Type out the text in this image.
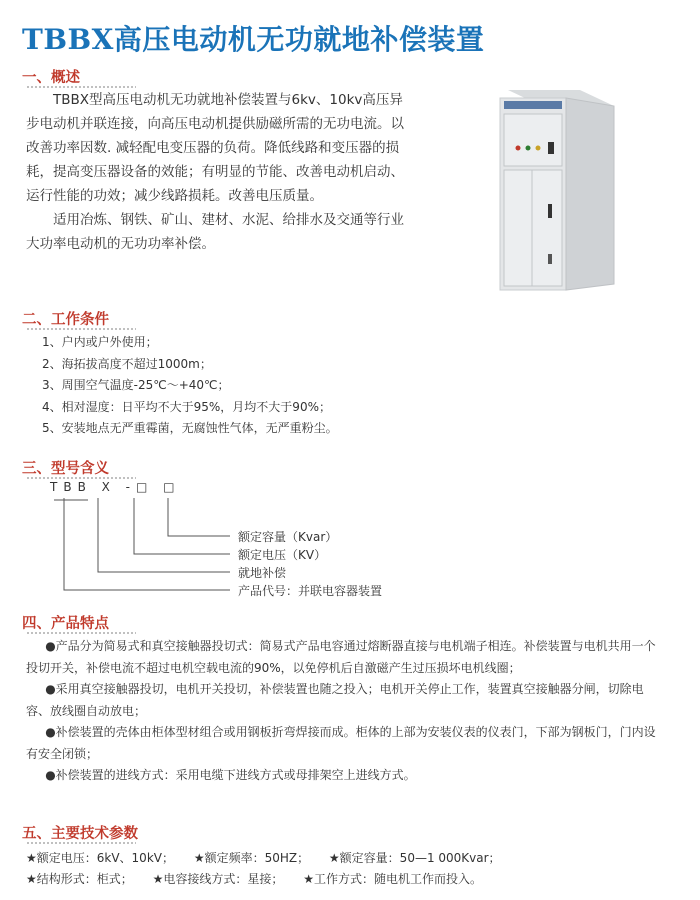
TBBX高压电动机无功就地补偿装置
一、概述

TBBX型高压电动机无功就地补偿装置与6kv、10kv高压异步电动机并联连接，向高压电动机提供励磁所需的无功电流。以改善功率因数. 减轻配电变压器的负荷。降低线路和变压器的损耗，提高变压器设备的效能；有明显的节能、改善电动机启动、运行性能的功效；减少线路损耗。改善电压质量。

适用冶炼、钢铁、矿山、建材、水泥、给排水及交通等行业大功率电动机的无功功率补偿。

二、工作条件
1、户内或户外使用；
2、海拓拔高度不超过1000m；
3、周围空气温度-25℃～+40℃；
4、相对湿度：日平均不大于95%，月均不大于90%；
5、安装地点无严重霉菌，无腐蚀性气体，无严重粉尘。
三、型号含义
TBB X -□ □
额定容量（Kvar）
额定电压（KV）
就地补偿
产品代号：并联电容器装置
四、产品特点

●产品分为简易式和真空接触器投切式：简易式产品电容通过熔断器直接与电机端子相连。补偿装置与电机共用一个投切开关，补偿电流不超过电机空载电流的90%，以免停机后自激磁产生过压损坏电机线圈；

●采用真空接触器投切，电机开关投切，补偿装置也随之投入；电机开关停止工作，装置真空接触器分闸，切除电容、放线圈自动放电；

●补偿装置的壳体由柜体型材组合或用钢板折弯焊接而成。柜体的上部为安装仪表的仪表门，下部为钢板门，门内设有安全闭锁；

●补偿装置的进线方式：采用电缆下进线方式或母排架空上进线方式。

五、主要技术参数
★额定电压：6kV、10kV； ★额定频率：50HZ； ★额定容量：50—1 000Kvar；
★结构形式：柜式； ★电容接线方式：星接； ★工作方式：随电机工作而投入。
